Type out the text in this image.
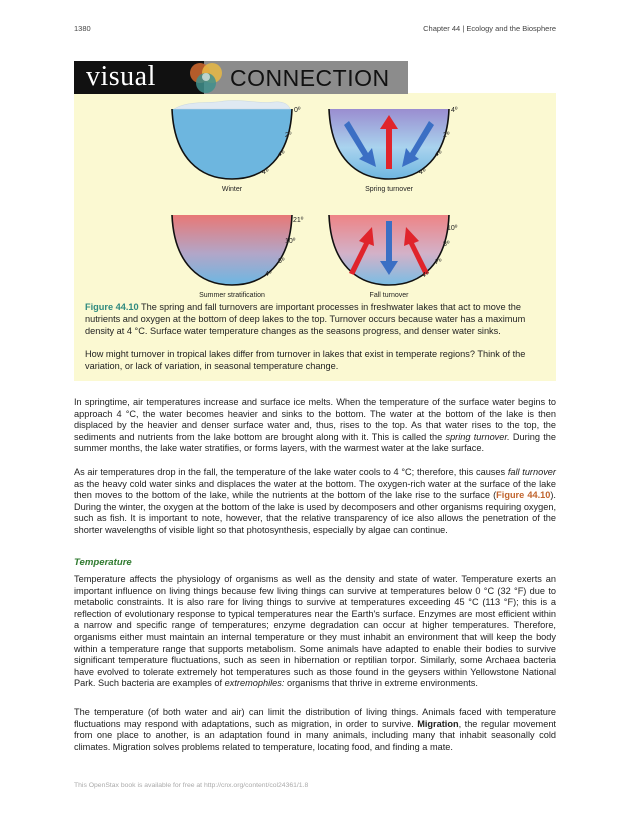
1380	Chapter 44 | Ecology and the Biosphere
visual	CONNECTION
0º
2º
4º
4º
Winter
4º
2º
4º
4º
Spring turnover
21º
10º
6º
4º
Summer stratification
10º
8º
7º
4º
Fall turnover
Figure 44.10 The spring and fall turnovers are important processes in freshwater lakes that act to move the nutrients and oxygen at the bottom of deep lakes to the top. Turnover occurs because water has a maximum density at 4 °C. Surface water temperature changes as the seasons progress, and denser water sinks.
How might turnover in tropical lakes differ from turnover in lakes that exist in temperate regions? Think of the variation, or lack of variation, in seasonal temperature change.
In springtime, air temperatures increase and surface ice melts. When the temperature of the surface water begins to approach 4 °C, the water becomes heavier and sinks to the bottom. The water at the bottom of the lake is then displaced by the heavier and denser surface water and, thus, rises to the top. As that water rises to the top, the sediments and nutrients from the lake bottom are brought along with it. This is called the spring turnover. During the summer months, the lake water stratifies, or forms layers, with the warmest water at the lake surface.
As air temperatures drop in the fall, the temperature of the lake water cools to 4 °C; therefore, this causes fall turnover as the heavy cold water sinks and displaces the water at the bottom. The oxygen-rich water at the surface of the lake then moves to the bottom of the lake, while the nutrients at the bottom of the lake rise to the surface (Figure 44.10). During the winter, the oxygen at the bottom of the lake is used by decomposers and other organisms requiring oxygen, such as fish. It is important to note, however, that the relative transparency of ice also allows the penetration of the shorter wavelengths of visible light so that photosynthesis, especially by algae can continue.
Temperature
Temperature affects the physiology of organisms as well as the density and state of water. Temperature exerts an important influence on living things because few living things can survive at temperatures below 0 °C (32 °F) due to metabolic constraints. It is also rare for living things to survive at temperatures exceeding 45 °C (113 °F); this is a reflection of evolutionary response to typical temperatures near the Earth's surface. Enzymes are most efficient within a narrow and specific range of temperatures; enzyme degradation can occur at higher temperatures. Therefore, organisms either must maintain an internal temperature or they must inhabit an environment that will keep the body within a temperature range that supports metabolism. Some animals have adapted to enable their bodies to survive significant temperature fluctuations, such as seen in hibernation or reptilian torpor. Similarly, some Archaea bacteria have evolved to tolerate extremely hot temperatures such as those found in the geysers within Yellowstone National Park. Such bacteria are examples of extremophiles: organisms that thrive in extreme environments.
The temperature (of both water and air) can limit the distribution of living things. Animals faced with temperature fluctuations may respond with adaptations, such as migration, in order to survive. Migration, the regular movement from one place to another, is an adaptation found in many animals, including many that inhabit seasonally cold climates. Migration solves problems related to temperature, locating food, and finding a mate.
This OpenStax book is available for free at http://cnx.org/content/col24361/1.8
